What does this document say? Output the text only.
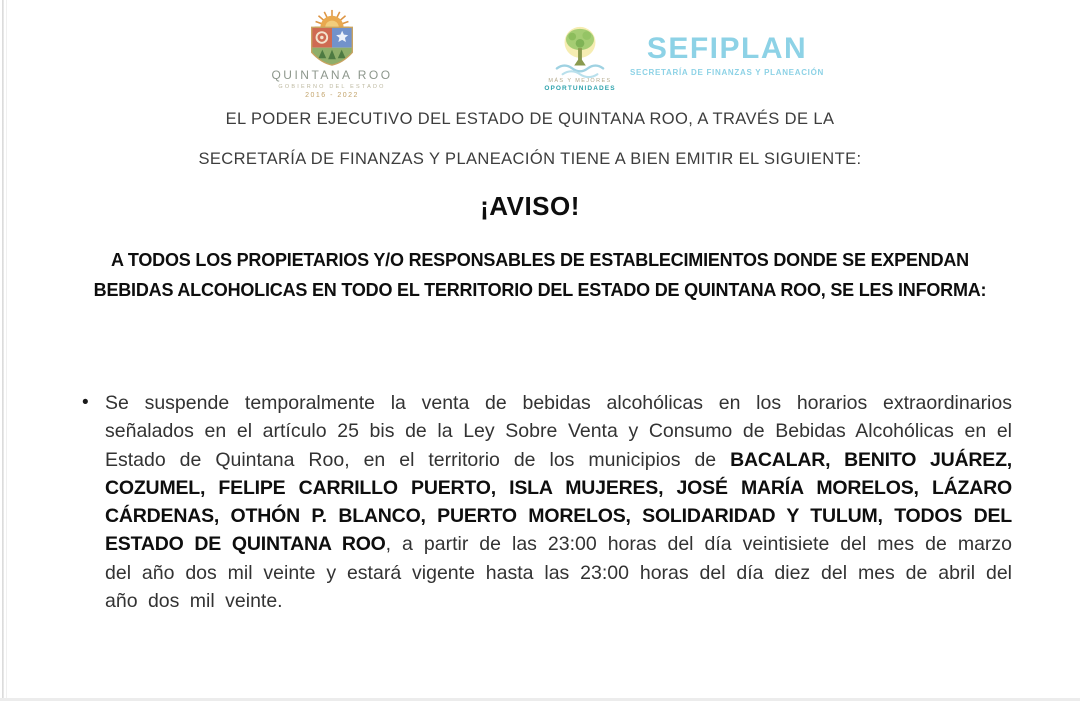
QUINTANA ROO
GOBIERNO DEL ESTADO
2016 - 2022
MÁS Y MEJORES
OPORTUNIDADES
SEFIPLAN
SECRETARÍA DE FINANZAS Y PLANEACIÓN

EL PODER EJECUTIVO DEL ESTADO DE QUINTANA ROO, A TRAVÉS DE LA

SECRETARÍA DE FINANZAS Y PLANEACIÓN TIENE A BIEN EMITIR EL SIGUIENTE:

¡AVISO!

A TODOS LOS PROPIETARIOS Y/O RESPONSABLES DE ESTABLECIMIENTOS DONDE SE EXPENDAN BEBIDAS ALCOHOLICAS EN TODO EL TERRITORIO DEL ESTADO DE QUINTANA ROO, SE LES INFORMA:

• Se suspende temporalmente la venta de bebidas alcohólicas en los horarios extraordinarios señalados en el artículo 25 bis de la Ley Sobre Venta y Consumo de Bebidas Alcohólicas en el Estado de Quintana Roo, en el territorio de los municipios de BACALAR, BENITO JUÁREZ, COZUMEL, FELIPE CARRILLO PUERTO, ISLA MUJERES, JOSÉ MARÍA MORELOS, LÁZARO CÁRDENAS, OTHÓN P. BLANCO, PUERTO MORELOS, SOLIDARIDAD Y TULUM, TODOS DEL ESTADO DE QUINTANA ROO, a partir de las 23:00 horas del día veintisiete del mes de marzo del año dos mil veinte y estará vigente hasta las 23:00 horas del día diez del mes de abril del año dos mil veinte.
